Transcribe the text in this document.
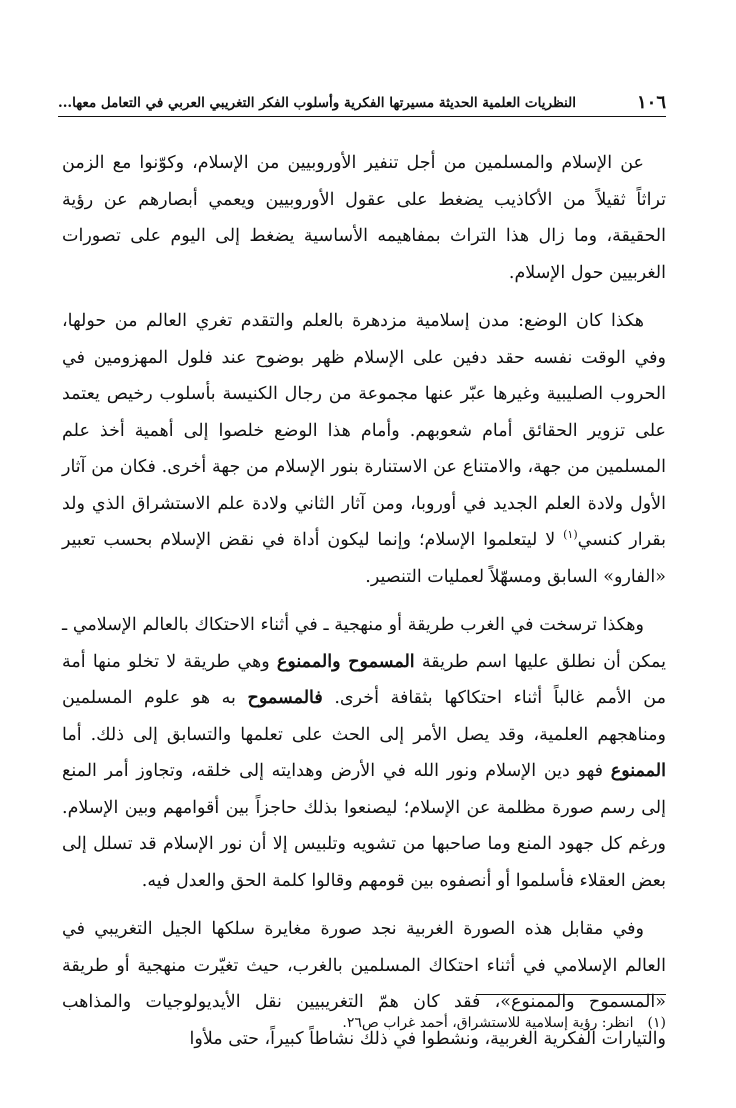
١٠٦
النظريات العلمية الحديثة مسيرتها الفكرية وأسلوب الفكر التغريبي العربي في التعامل معها...

عن الإسلام والمسلمين من أجل تنفير الأوروبيين من الإسلام، وكوّنوا مع الزمن تراثاً ثقيلاً من الأكاذيب يضغط على عقول الأوروبيين ويعمي أبصارهم عن رؤية الحقيقة، وما زال هذا التراث بمفاهيمه الأساسية يضغط إلى اليوم على تصورات الغربيين حول الإسلام.

هكذا كان الوضع: مدن إسلامية مزدهرة بالعلم والتقدم تغري العالم من حولها، وفي الوقت نفسه حقد دفين على الإسلام ظهر بوضوح عند فلول المهزومين في الحروب الصليبية وغيرها عبّر عنها مجموعة من رجال الكنيسة بأسلوب رخيص يعتمد على تزوير الحقائق أمام شعوبهم. وأمام هذا الوضع خلصوا إلى أهمية أخذ علم المسلمين من جهة، والامتناع عن الاستنارة بنور الإسلام من جهة أخرى. فكان من آثار الأول ولادة العلم الجديد في أوروبا، ومن آثار الثاني ولادة علم الاستشراق الذي ولد بقرار كنسي$^{(١)}$ لا ليتعلموا الإسلام؛ وإنما ليكون أداة في نقض الإسلام بحسب تعبير «الفارو» السابق ومسهّلاً لعمليات التنصير.

وهكذا ترسخت في الغرب طريقة أو منهجية ـ في أثناء الاحتكاك بالعالم الإسلامي ـ يمكن أن نطلق عليها اسم طريقة المسموح والممنوع وهي طريقة لا تخلو منها أمة من الأمم غالباً أثناء احتكاكها بثقافة أخرى. فالمسموح به هو علوم المسلمين ومناهجهم العلمية، وقد يصل الأمر إلى الحث على تعلمها والتسابق إلى ذلك. أما الممنوع فهو دين الإسلام ونور الله في الأرض وهدايته إلى خلقه، وتجاوز أمر المنع إلى رسم صورة مظلمة عن الإسلام؛ ليصنعوا بذلك حاجزاً بين أقوامهم وبين الإسلام. ورغم كل جهود المنع وما صاحبها من تشويه وتلبيس إلا أن نور الإسلام قد تسلل إلى بعض العقلاء فأسلموا أو أنصفوه بين قومهم وقالوا كلمة الحق والعدل فيه.

وفي مقابل هذه الصورة الغربية نجد صورة مغايرة سلكها الجيل التغريبي في العالم الإسلامي في أثناء احتكاك المسلمين بالغرب، حيث تغيّرت منهجية أو طريقة «المسموح والممنوع»، فقد كان همّ التغريبيين نقل الأيديولوجيات والمذاهب والتيارات الفكرية الغربية، ونشطوا في ذلك نشاطاً كبيراً، حتى ملأوا

(١)
انظر: رؤية إسلامية للاستشراق، أحمد غراب ص٢٦.
